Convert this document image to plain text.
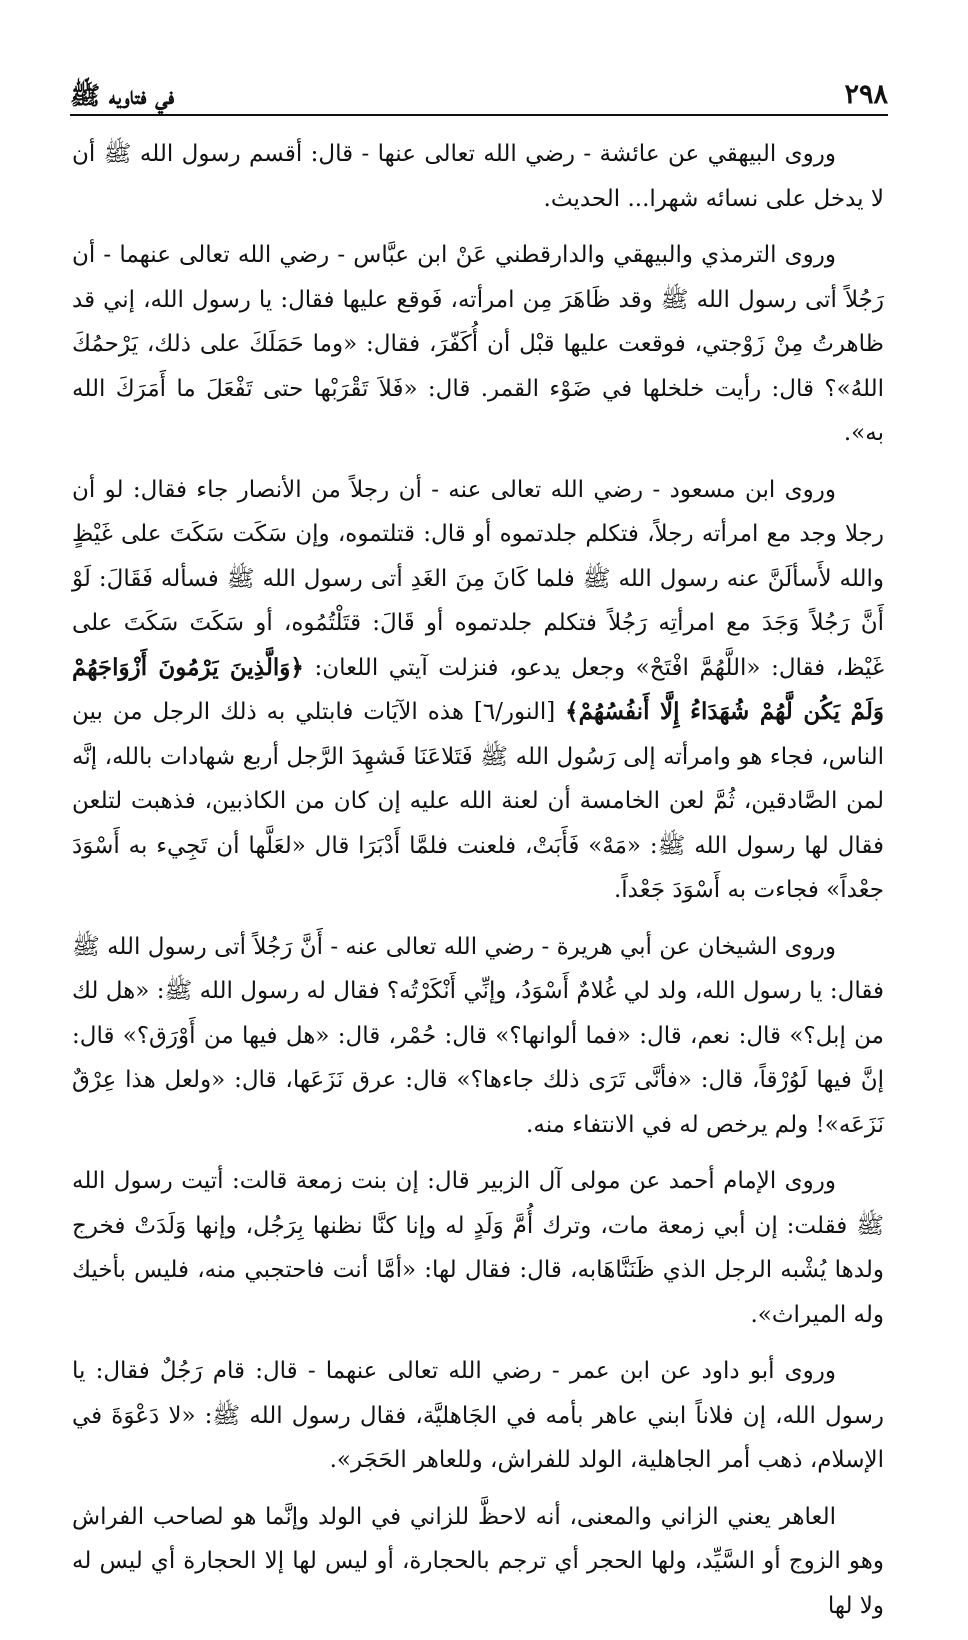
٢٩٨
في فتاويه ﷺ

وروى البيهقي عن عائشة - رضي الله تعالى عنها - قال: أقسم رسول الله ﷺ أن لا يدخل على نسائه شهرا... الحديث.

وروى الترمذي والبيهقي والدارقطني عَنْ ابن عبَّاس - رضي الله تعالى عنهما - أن رَجُلاً أتى رسول الله ﷺ وقد ظَاهَرَ مِن امرأته، فَوقع عليها فقال: يا رسول الله، إني قد ظاهرتُ مِنْ زَوْجتي، فوقعت عليها قبْل أن أُكَفّرَ، فقال: «وما حَمَلَكَ على ذلك، يَرْحمُكَ اللهُ»؟ قال: رأيت خلخلها في ضَوْء القمر. قال: «فَلاَ تَقْرَبْها حتى تَفْعَلَ ما أَمَرَكَ الله به».

وروى ابن مسعود - رضي الله تعالى عنه - أن رجلاً من الأنصار جاء فقال: لو أن رجلا وجد مع امرأته رجلاً، فتكلم جلدتموه أو قال: قتلتموه، وإن سَكَت سَكَتَ على غَيْظٍ والله لأَسألَنَّ عنه رسول الله ﷺ فلما كَانَ مِنَ الغَدِ أتى رسول الله ﷺ فسأله فَقَالَ: لَوْ أَنَّ رَجُلاً وَجَدَ مع امرأتِه رَجُلاً فتكلم جلدتموه أو قَالَ: قتَلْتُمُوه، أو سَكَتَ سَكَتَ على غَيْظ، فقال: «اللَّهُمَّ افْتَحْ» وجعل يدعو، فنزلت آيتي اللعان: ﴿وَالَّذِينَ يَرْمُونَ أَزْوَاجَهُمْ وَلَمْ يَكُن لَّهُمْ شُهَدَاءُ إِلَّا أَنفُسُهُمْ﴾ [النور/٦] هذه الآيَات فابتلي به ذلك الرجل من بين الناس، فجاء هو وامرأته إلى رَسُول الله ﷺ فَتَلاعَنَا فَشهِدَ الرَّجل أربع شهادات بالله، إنَّه لمن الصَّادقين، ثُمَّ لعن الخامسة أن لعنة الله عليه إن كان من الكاذبين، فذهبت لتلعن فقال لها رسول الله ﷺ: «مَهْ» فَأَبَتْ، فلعنت فلمَّا أَدْبَرَا قال «لعَلَّها أن تَجِيء به أَسْوَدَ جعْداً» فجاءت به أَسْوَدَ جَعْداً.

وروى الشيخان عن أبي هريرة - رضي الله تعالى عنه - أَنَّ رَجُلاً أتى رسول الله ﷺ فقال: يا رسول الله، ولد لي غُلامٌ أَسْوَدُ، وإنِّي أَنْكَرْتُه؟ فقال له رسول الله ﷺ: «هل لك من إبل؟» قال: نعم، قال: «فما ألوانها؟» قال: حُمْر، قال: «هل فيها من أَوْرَق؟» قال: إنَّ فيها لَوُرْقاً، قال: «فأنَّى تَرَى ذلك جاءها؟» قال: عرق نَزَعَها، قال: «ولعل هذا عِرْقٌ نَزَعَه»! ولم يرخص له في الانتفاء منه.

وروى الإمام أحمد عن مولى آل الزبير قال: إن بنت زمعة قالت: أتيت رسول الله ﷺ فقلت: إن أبي زمعة مات، وترك أُمَّ وَلَدٍ له وإنا كنَّا نظنها بِرَجُل، وإنها وَلَدَتْ فخرج ولدها يُشْبه الرجل الذي ظَنَنَّاهَابه، قال: فقال لها: «أمَّا أنت فاحتجبي منه، فليس بأخيك وله الميراث».

وروى أبو داود عن ابن عمر - رضي الله تعالى عنهما - قال: قام رَجُلٌ فقال: يا رسول الله، إن فلاناً ابني عاهر بأمه في الجَاهليَّة، فقال رسول الله ﷺ: «لا دَعْوَةَ في الإسلام، ذهب أمر الجاهلية، الولد للفراش، وللعاهر الحَجَر».

العاهر يعني الزاني والمعنى، أنه لاحظَّ للزاني في الولد وإنَّما هو لصاحب الفراش وهو الزوج أو السَّيِّد، ولها الحجر أي ترجم بالحجارة، أو ليس لها إلا الحجارة أي ليس له ولا لها
